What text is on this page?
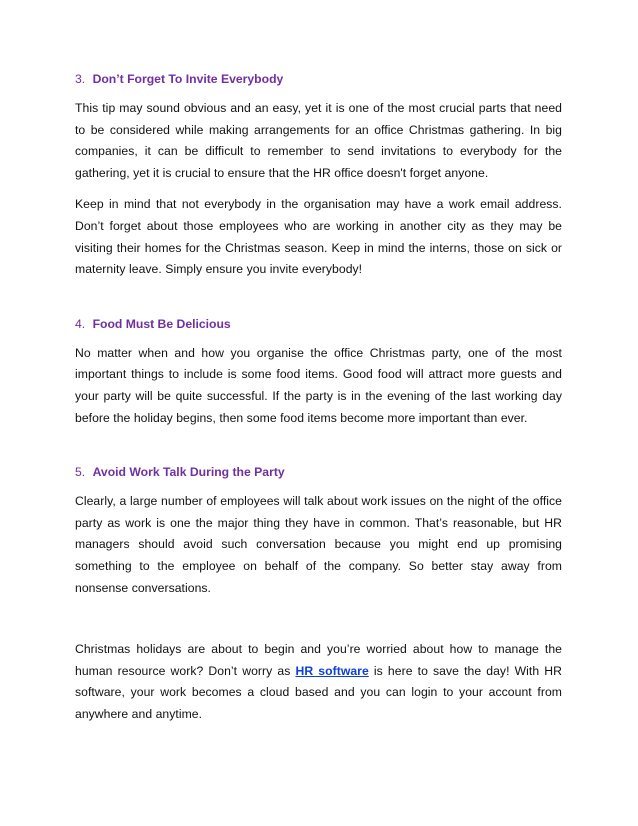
3. Don’t Forget To Invite Everybody

This tip may sound obvious and an easy, yet it is one of the most crucial parts that need to be considered while making arrangements for an office Christmas gathering. In big companies, it can be difficult to remember to send invitations to everybody for the gathering, yet it is crucial to ensure that the HR office doesn't forget anyone.

Keep in mind that not everybody in the organisation may have a work email address. Don’t forget about those employees who are working in another city as they may be visiting their homes for the Christmas season. Keep in mind the interns, those on sick or maternity leave. Simply ensure you invite everybody!

4. Food Must Be Delicious

No matter when and how you organise the office Christmas party, one of the most important things to include is some food items. Good food will attract more guests and your party will be quite successful. If the party is in the evening of the last working day before the holiday begins, then some food items become more important than ever.

5. Avoid Work Talk During the Party

Clearly, a large number of employees will talk about work issues on the night of the office party as work is one the major thing they have in common. That’s reasonable, but HR managers should avoid such conversation because you might end up promising something to the employee on behalf of the company. So better stay away from nonsense conversations.

Christmas holidays are about to begin and you’re worried about how to manage the human resource work? Don’t worry as HR software is here to save the day! With HR software, your work becomes a cloud based and you can login to your account from anywhere and anytime.
